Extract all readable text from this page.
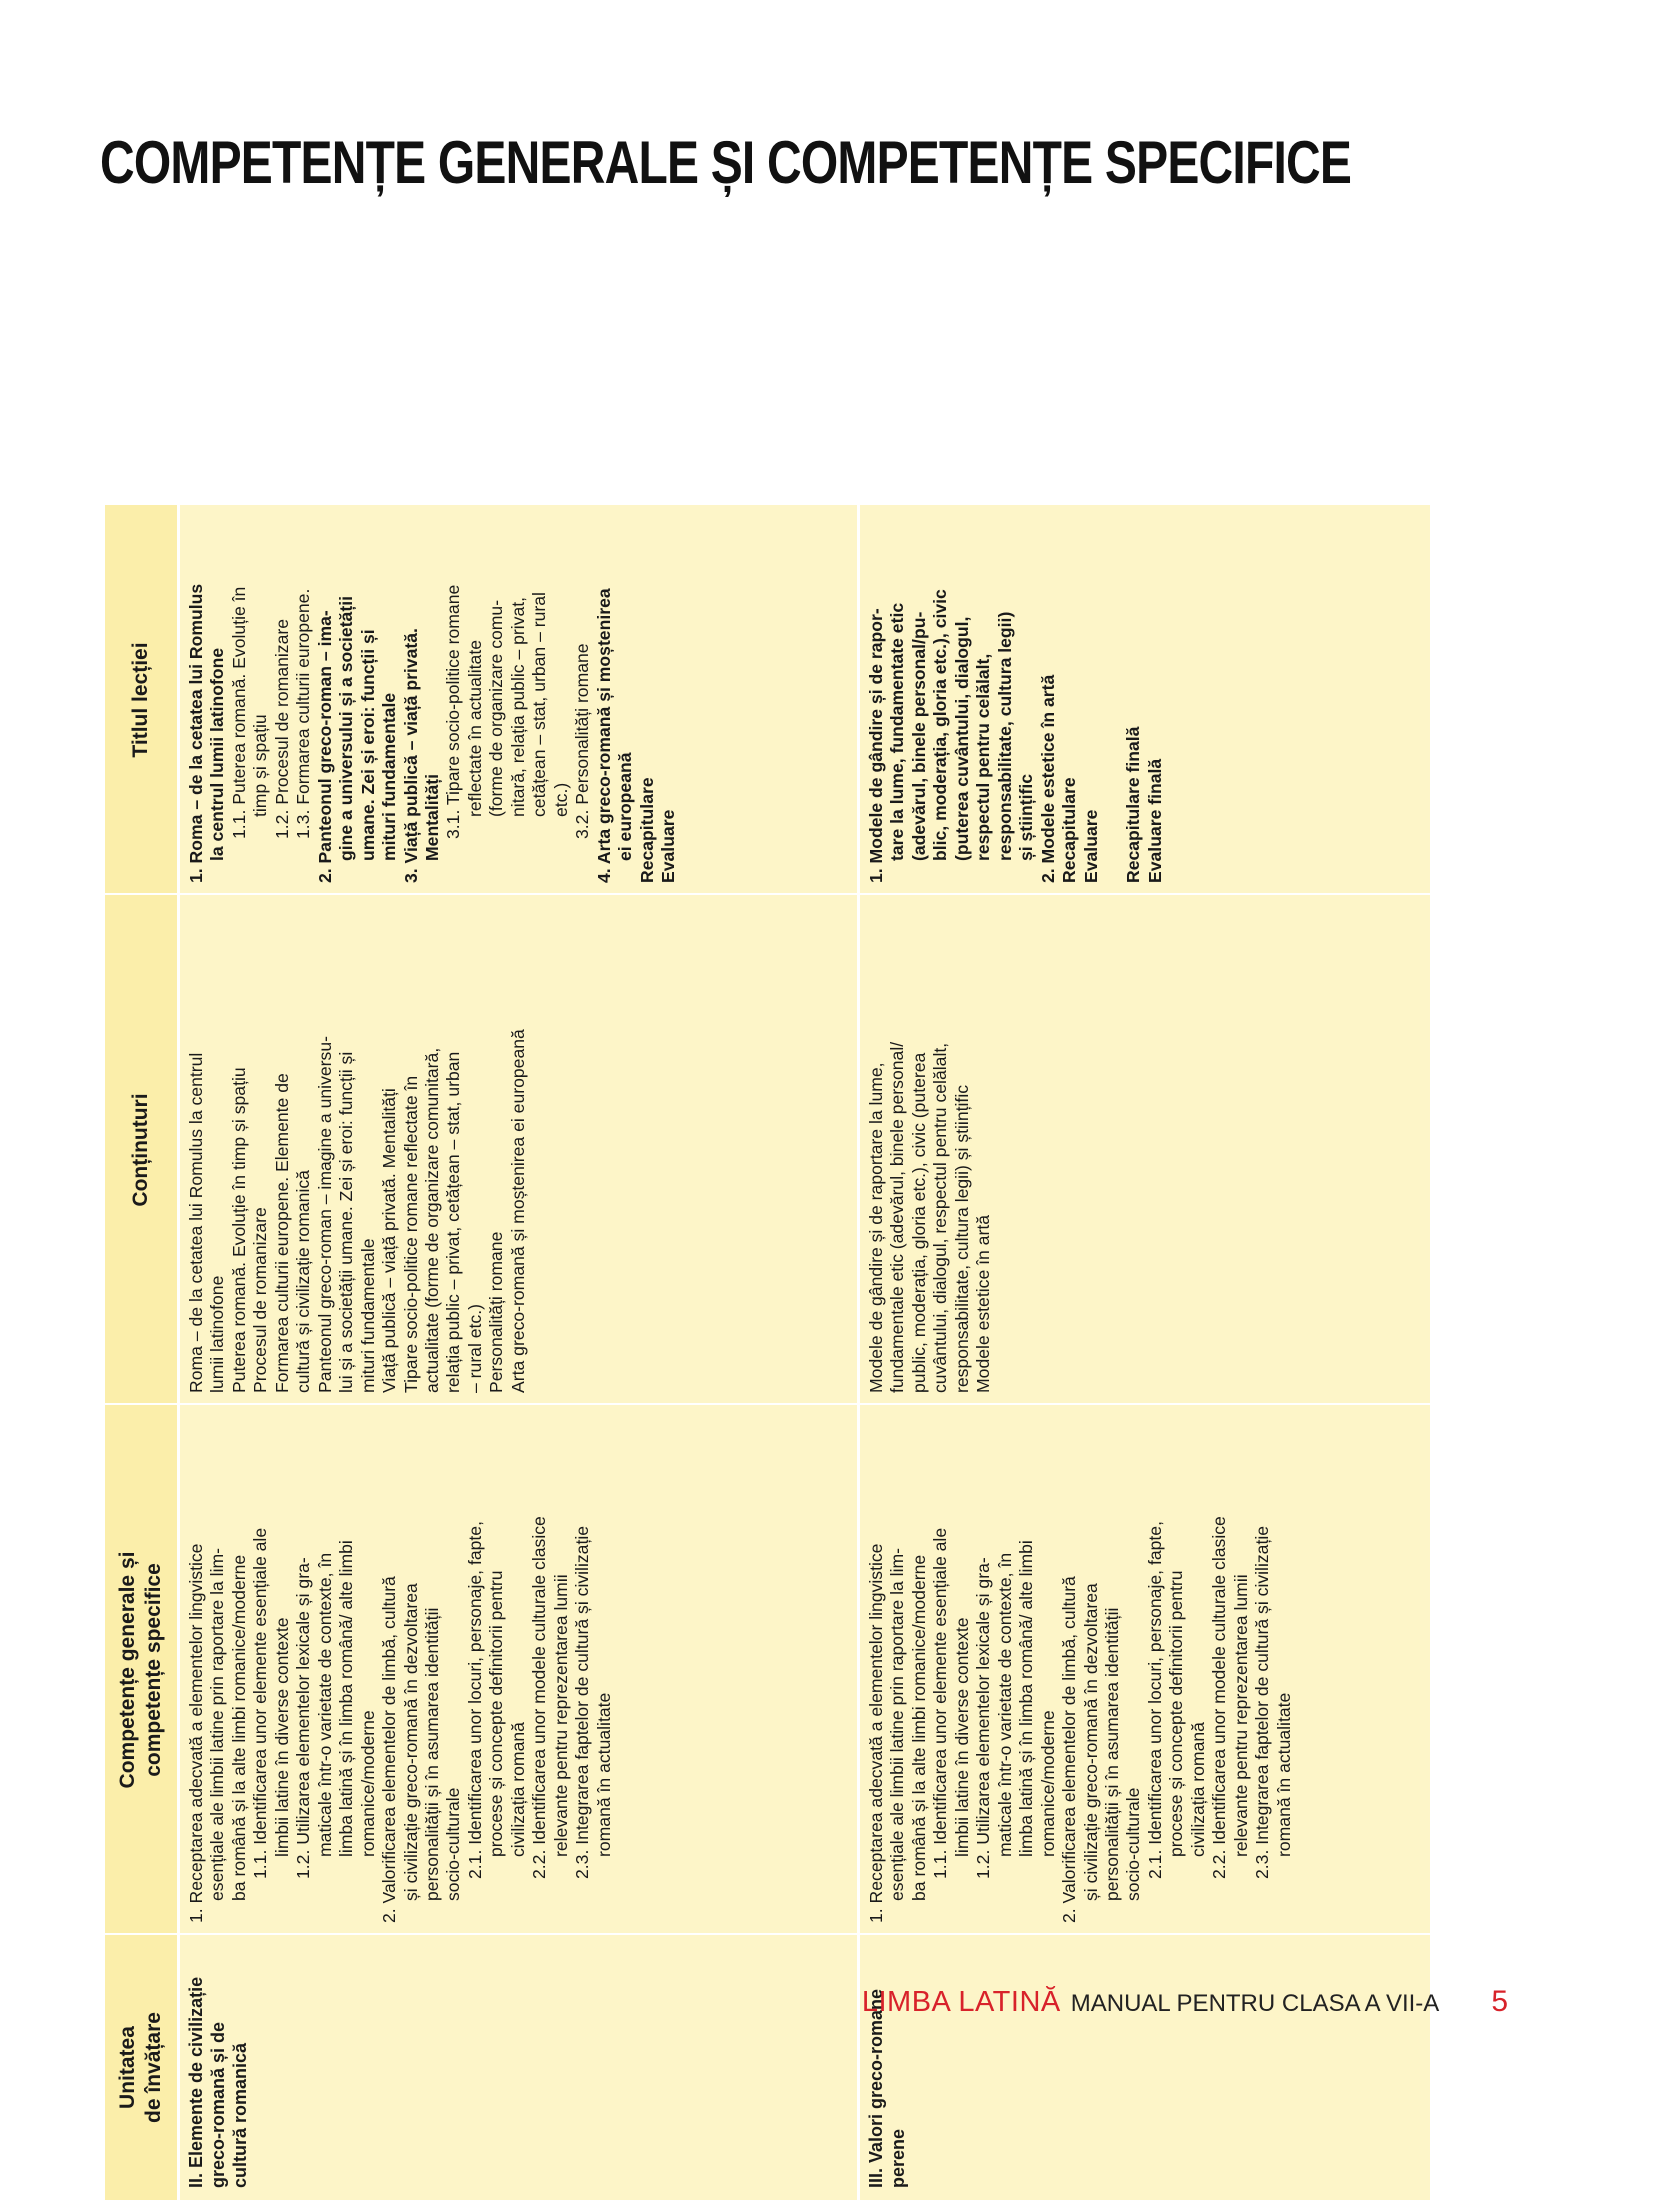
COMPETENȚE GENERALE ȘI COMPETENȚE SPECIFICE
Unitatea de învățare
Competențe generale și competențe specifice
Conținuturi
Titlul lecției
II. Elemente de civilizație greco-romană și de cultură romanică
1. Receptarea adecvată a elementelor lingvistice esențiale ale limbii latine prin raportare la lim- ba română și la alte limbi romanice/moderne 1.1. Identificarea unor elemente esențiale ale limbii latine în diverse contexte 1.2. Utilizarea elementelor lexicale și gra- maticale într-o varietate de contexte, în limba latină și în limba română/ alte limbi romanice/moderne 2. Valorificarea elementelor de limbă, cultură și civilizație greco-romană în dezvoltarea personalității și în asumarea identității socio-culturale 2.1. Identificarea unor locuri, personaje, fapte, procese și concepte definitorii pentru civilizația romană 2.2. Identificarea unor modele culturale clasice relevante pentru reprezentarea lumii 2.3. Integrarea faptelor de cultură și civilizație romană în actualitate
Roma – de la cetatea lui Romulus la centrul lumii latinofone Puterea romană. Evoluție în timp și spațiu Procesul de romanizare Formarea culturii europene. Elemente de cultură și civilizație romanică Panteonul greco-roman – imagine a universu- lui și a societății umane. Zei și eroi: funcții și mituri fundamentale Viață publică – viață privată. Mentalități Tipare socio-politice romane reflectate în actualitate (forme de organizare comunitară, relația public – privat, cetățean – stat, urban – rural etc.) Personalități romane Arta greco-romană și moștenirea ei europeană
1. Roma – de la cetatea lui Romulus la centrul lumii latinofone 1.1. Puterea romană. Evoluție în timp și spațiu 1.2. Procesul de romanizare 1.3. Formarea culturii europene. 2. Panteonul greco-roman – ima- gine a universului și a societății umane. Zei și eroi: funcții și mituri fundamentale 3. Viață publică – viață privată. Mentalități 3.1. Tipare socio-politice romane reflectate în actualitate (forme de organizare comu- nitară, relația public – privat, cetățean – stat, urban – rural etc.) 3.2. Personalități romane 4. Arta greco-romană și moștenirea ei europeană Recapitulare Evaluare
III. Valori greco-romane perene
1. Receptarea adecvată a elementelor lingvistice esențiale ale limbii latine prin raportare la lim- ba română și la alte limbi romanice/moderne 1.1. Identificarea unor elemente esențiale ale limbii latine în diverse contexte 1.2. Utilizarea elementelor lexicale și gra- maticale într-o varietate de contexte, în limba latină și în limba română/ alte limbi romanice/moderne 2. Valorificarea elementelor de limbă, cultură și civilizație greco-romană în dezvoltarea personalității și în asumarea identității socio-culturale 2.1. Identificarea unor locuri, personaje, fapte, procese și concepte definitorii pentru civilizația romană 2.2. Identificarea unor modele culturale clasice relevante pentru reprezentarea lumii 2.3. Integrarea faptelor de cultură și civilizație romană în actualitate
Modele de gândire și de raportare la lume, fundamentale etic (adevărul, binele personal/ public, moderația, gloria etc.), civic (puterea cuvântului, dialogul, respectul pentru celălalt, responsabilitate, cultura legii) și științific Modele estetice în artă
1. Modele de gândire și de rapor- tare la lume, fundamentate etic (adevărul, binele personal/pu- blic, moderația, gloria etc.), civic (puterea cuvântului, dialogul, respectul pentru celălalt, responsabilitate, cultura legii) și științific 2. Modele estetice în artă Recapitulare Evaluare
Recapitulare finală Evaluare finală
LIMBA LATINĂ MANUAL PENTRU CLASA A VII-A 5
